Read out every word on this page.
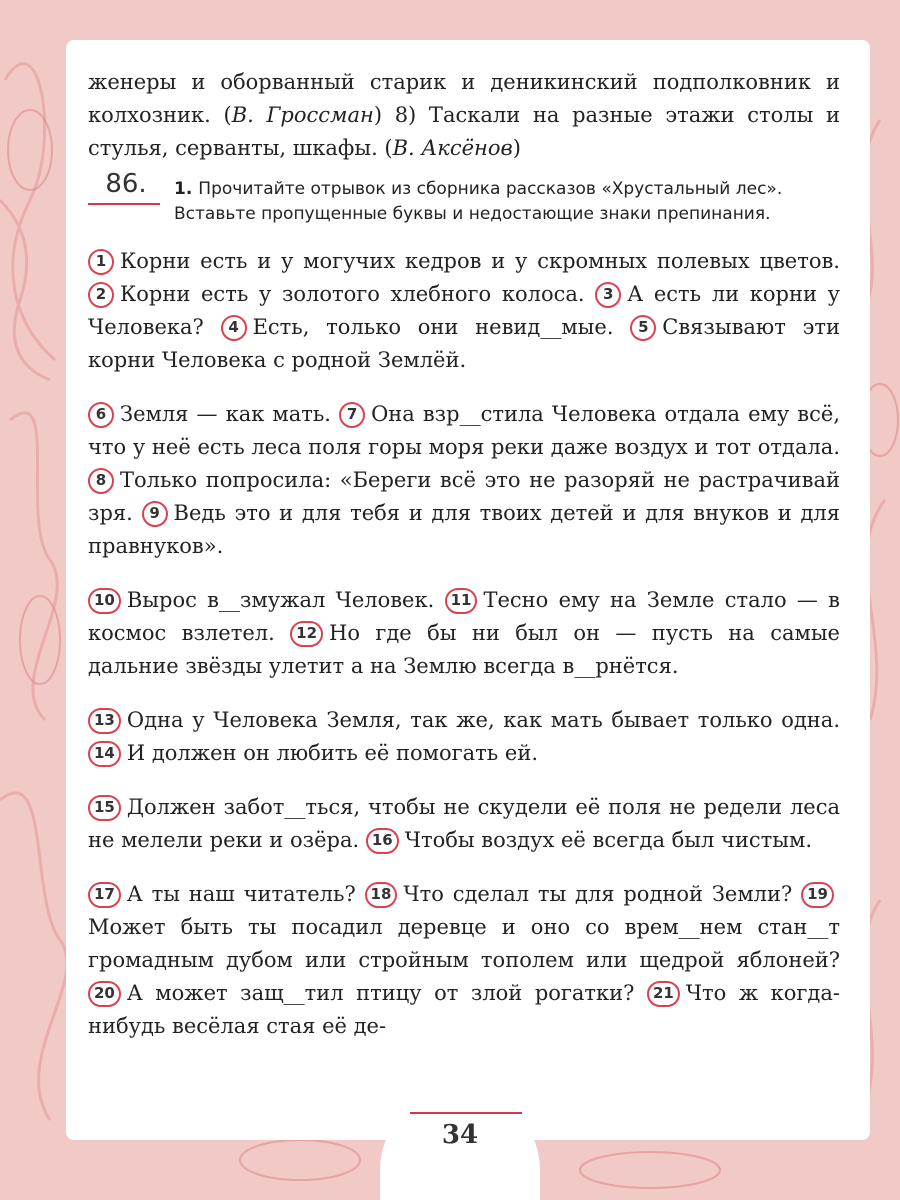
женеры и оборванный старик и деникинский подполковник и колхозник. (В. Гроссман) 8) Таскали на разные этажи столы и стулья, серванты, шкафы. (В. Аксёнов)

86.	1. Прочитайте отрывок из сборника рассказов «Хрустальный лес». Вставьте пропущенные буквы и недостающие знаки препинания.

1 Корни есть и у могучих кедров и у скромных полевых цветов. 2 Корни есть у золотого хлебного колоса. 3 А есть ли корни у Человека? 4 Есть, только они невид__мые. 5 Связывают эти корни Человека с родной Землёй.

6 Земля — как мать. 7 Она взр__стила Человека отдала ему всё, что у неё есть леса поля горы моря реки даже воздух и тот отдала. 8 Только попросила: «Береги всё это не разоряй не растрачивай зря. 9 Ведь это и для тебя и для твоих детей и для внуков и для правнуков».

10 Вырос в__змужал Человек. 11 Тесно ему на Земле стало — в космос взлетел. 12 Но где бы ни был он — пусть на самые дальние звёзды улетит а на Землю всегда в__рнётся.

13 Одна у Человека Земля, так же, как мать бывает только одна. 14 И должен он любить её помогать ей.

15 Должен забот__ться, чтобы не скудели её поля не редели леса не мелели реки и озёра. 16 Чтобы воздух её всегда был чистым.

17 А ты наш читатель? 18 Что сделал ты для родной Земли? 19Может быть ты посадил деревце и оно со врем__нем стан__т громадным дубом или стройным тополем или щедрой яблоней? 20 А может защ__тил птицу от злой рогатки? 21 Что ж когда-нибудь весёлая стая её де-

34
